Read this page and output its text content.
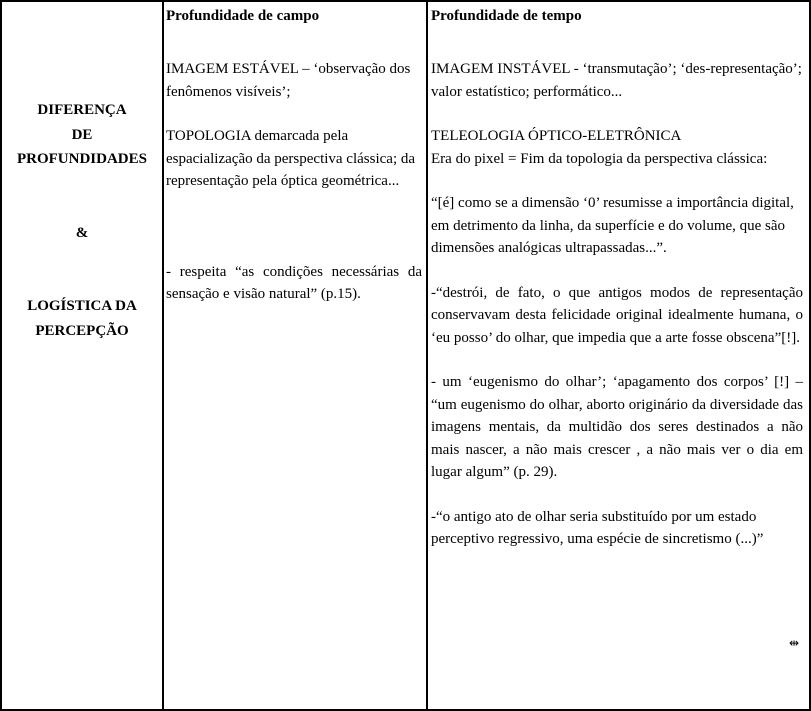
DIFERENÇA
DE
PROFUNDIDADES
&
LOGÍSTICA DA
PERCEPÇÃO
Profundidade de campo	Profundidade de tempo

IMAGEM ESTÁVEL – ‘observação dos fenômenos visíveis’;

TOPOLOGIA demarcada pela espacialização da perspectiva clássica; da representação pela óptica geométrica...

- respeita “as condições necessárias da sensação e visão natural” (p.15).

IMAGEM INSTÁVEL - ‘transmutação’; ‘des-representação’; valor estatístico; performático...

TELEOLOGIA ÓPTICO-ELETRÔNICA

Era do pixel = Fim da topologia da perspectiva clássica:

“[é] como se a dimensão ‘0’ resumisse a importância digital, em detrimento da linha, da superfície e do volume, que são dimensões analógicas ultrapassadas...”.

-“destrói, de fato, o que antigos modos de representação conservavam desta felicidade original idealmente humana, o ‘eu posso’ do olhar, que impedia que a arte fosse obscena”[!].

- um ‘eugenismo do olhar’; ‘apagamento dos corpos’ [!] – “um eugenismo do olhar, aborto originário da diversidade das imagens mentais, da multidão dos seres destinados a não mais nascer, a não mais crescer , a não mais ver o dia em lugar algum” (p. 29).

-“o antigo ato de olhar seria substituído por um estado perceptivo regressivo, uma espécie de sincretismo (...)”

⇹
